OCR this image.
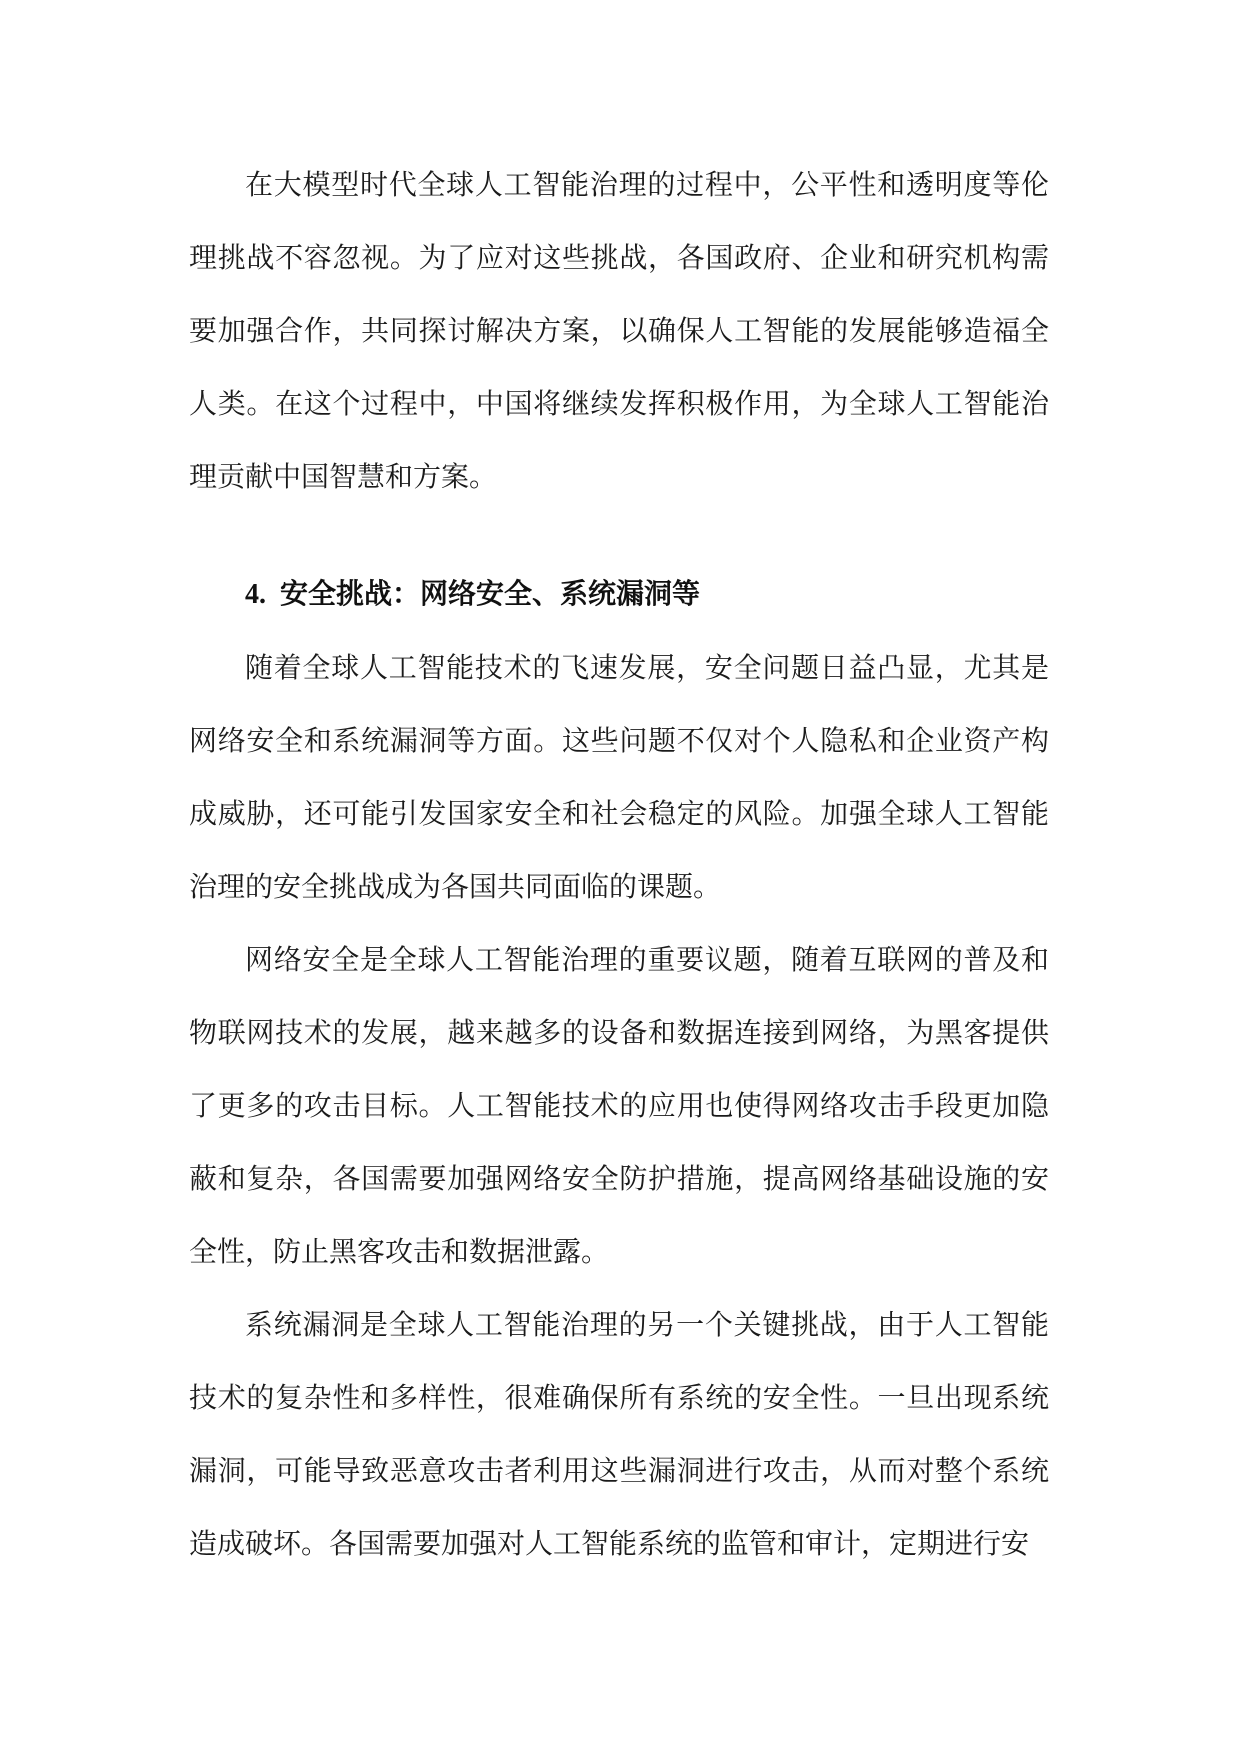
在大模型时代全球人工智能治理的过程中，公平性和透明度等伦理挑战不容忽视。为了应对这些挑战，各国政府、企业和研究机构需要加强合作，共同探讨解决方案，以确保人工智能的发展能够造福全人类。在这个过程中，中国将继续发挥积极作用，为全球人工智能治理贡献中国智慧和方案。

4. 安全挑战：网络安全、系统漏洞等

随着全球人工智能技术的飞速发展，安全问题日益凸显，尤其是网络安全和系统漏洞等方面。这些问题不仅对个人隐私和企业资产构成威胁，还可能引发国家安全和社会稳定的风险。加强全球人工智能治理的安全挑战成为各国共同面临的课题。

网络安全是全球人工智能治理的重要议题，随着互联网的普及和物联网技术的发展，越来越多的设备和数据连接到网络，为黑客提供了更多的攻击目标。人工智能技术的应用也使得网络攻击手段更加隐蔽和复杂，各国需要加强网络安全防护措施，提高网络基础设施的安全性，防止黑客攻击和数据泄露。

系统漏洞是全球人工智能治理的另一个关键挑战，由于人工智能技术的复杂性和多样性，很难确保所有系统的安全性。一旦出现系统漏洞，可能导致恶意攻击者利用这些漏洞进行攻击，从而对整个系统造成破坏。各国需要加强对人工智能系统的监管和审计，定期进行安
